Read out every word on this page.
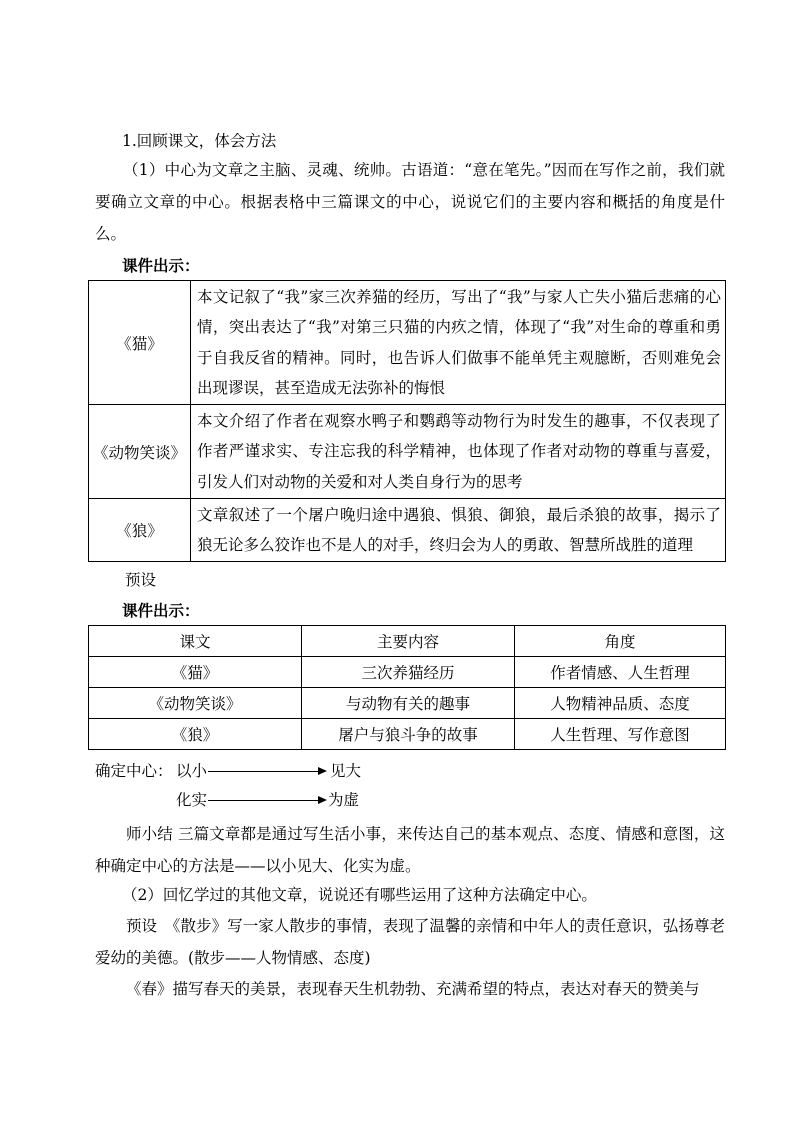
1.回顾课文，体会方法
（1）中心为文章之主脑、灵魂、统帅。古语道：“意在笔先。”因而在写作之前，我们就要确立文章的中心。根据表格中三篇课文的中心，说说它们的主要内容和概括的角度是什么。
课件出示：
《猫》	本文记叙了“我”家三次养猫的经历，写出了“我”与家人亡失小猫后悲痛的心情，突出表达了“我”对第三只猫的内疚之情，体现了“我”对生命的尊重和勇于自我反省的精神。同时，也告诉人们做事不能单凭主观臆断，否则难免会出现谬误，甚至造成无法弥补的悔恨
《动物笑谈》	本文介绍了作者在观察水鸭子和鹦鹉等动物行为时发生的趣事，不仅表现了作者严谨求实、专注忘我的科学精神，也体现了作者对动物的尊重与喜爱，引发人们对动物的关爱和对人类自身行为的思考
《狼》	文章叙述了一个屠户晚归途中遇狼、惧狼、御狼，最后杀狼的故事，揭示了狼无论多么狡诈也不是人的对手，终归会为人的勇敢、智慧所战胜的道理
预设
课件出示：
课文	主要内容	角度
《猫》	三次养猫经历	作者情感、人生哲理
《动物笑谈》	与动物有关的趣事	人物精神品质、态度
《狼》	屠户与狼斗争的故事	人生哲理、写作意图
确定中心： 以小	见大
化实	为虚
师小结 三篇文章都是通过写生活小事，来传达自己的基本观点、态度、情感和意图，这种确定中心的方法是——以小见大、化实为虚。
（2）回忆学过的其他文章，说说还有哪些运用了这种方法确定中心。
预设　《散步》写一家人散步的事情，表现了温馨的亲情和中年人的责任意识，弘扬尊老爱幼的美德。(散步——人物情感、态度)
《春》描写春天的美景，表现春天生机勃勃、充满希望的特点，表达对春天的赞美与
